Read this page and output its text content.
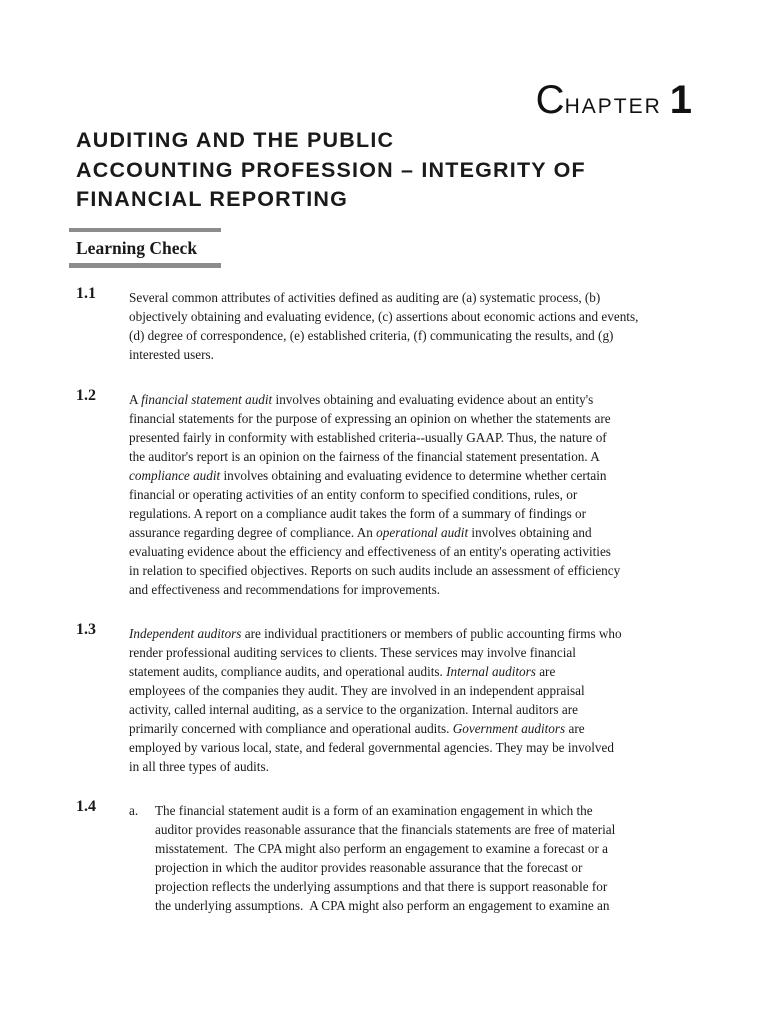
CHAPTER 1
AUDITING AND THE PUBLIC
ACCOUNTING PROFESSION – INTEGRITY OF
FINANCIAL REPORTING
Learning Check
1.1	Several common attributes of activities defined as auditing are (a) systematic process, (b)
objectively obtaining and evaluating evidence, (c) assertions about economic actions and events,
(d) degree of correspondence, (e) established criteria, (f) communicating the results, and (g)
interested users.
1.2	A financial statement audit involves obtaining and evaluating evidence about an entity's
financial statements for the purpose of expressing an opinion on whether the statements are
presented fairly in conformity with established criteria--usually GAAP. Thus, the nature of
the auditor's report is an opinion on the fairness of the financial statement presentation. A
compliance audit involves obtaining and evaluating evidence to determine whether certain
financial or operating activities of an entity conform to specified conditions, rules, or
regulations. A report on a compliance audit takes the form of a summary of findings or
assurance regarding degree of compliance. An operational audit involves obtaining and
evaluating evidence about the efficiency and effectiveness of an entity's operating activities
in relation to specified objectives. Reports on such audits include an assessment of efficiency
and effectiveness and recommendations for improvements.
1.3	Independent auditors are individual practitioners or members of public accounting firms who
render professional auditing services to clients. These services may involve financial
statement audits, compliance audits, and operational audits. Internal auditors are
employees of the companies they audit. They are involved in an independent appraisal
activity, called internal auditing, as a service to the organization. Internal auditors are
primarily concerned with compliance and operational audits. Government auditors are
employed by various local, state, and federal governmental agencies. They may be involved
in all three types of audits.
1.4	a. The financial statement audit is a form of an examination engagement in which the
auditor provides reasonable assurance that the financials statements are free of material
misstatement.  The CPA might also perform an engagement to examine a forecast or a
projection in which the auditor provides reasonable assurance that the forecast or
projection reflects the underlying assumptions and that there is support reasonable for
the underlying assumptions.  A CPA might also perform an engagement to examine an
